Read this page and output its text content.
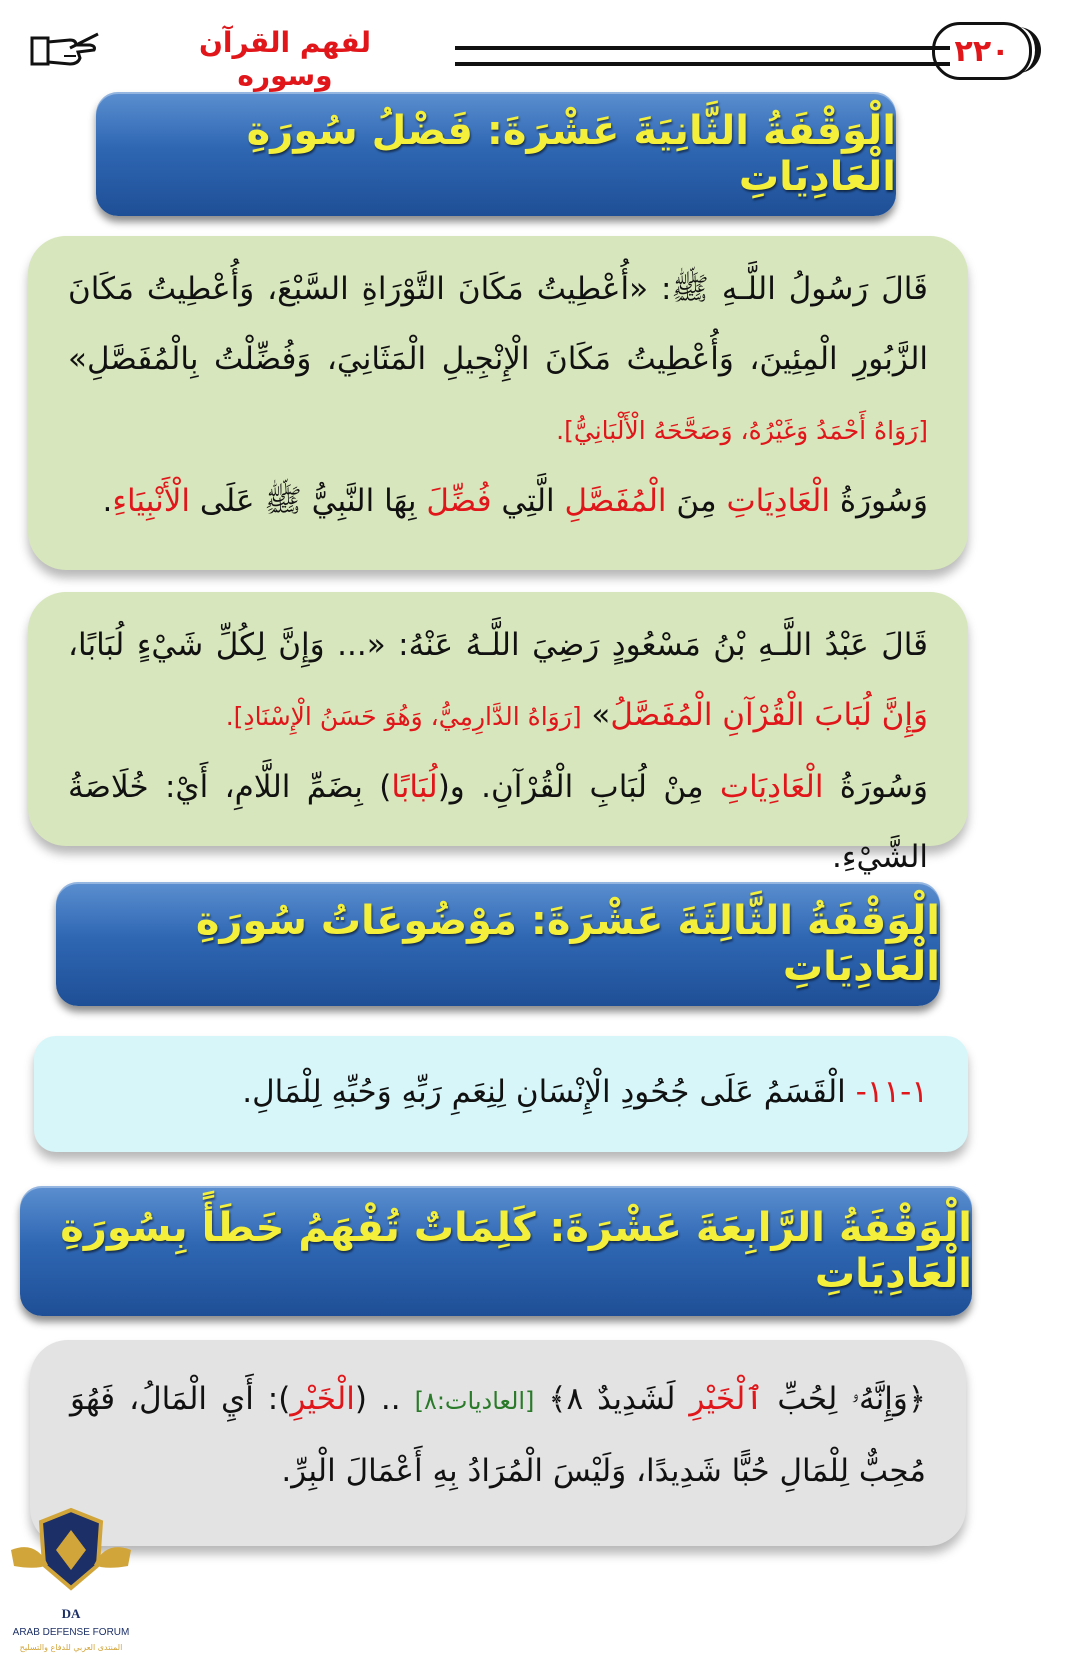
٢٢٠
لفهم القرآن وسوره
الْوَقْفَةُ الثَّانِيَةَ عَشْرَةَ: فَضْلُ سُورَةِ الْعَادِيَاتِ

قَالَ رَسُولُ اللَّـهِ ﷺ: «أُعْطِيتُ مَكَانَ التَّوْرَاةِ السَّبْعَ، وَأُعْطِيتُ مَكَانَ الزَّبُورِ الْمِئِينَ، وَأُعْطِيتُ مَكَانَ الْإِنْجِيلِ الْمَثَانِيَ، وَفُضِّلْتُ بِالْمُفَصَّلِ» [رَوَاهُ أَحْمَدُ وَغَيْرُهُ، وَصَحَّحَهُ الْأَلْبَانِيُّ].

وَسُورَةُ الْعَادِيَاتِ مِنَ الْمُفَصَّلِ الَّتِي فُضِّلَ بِهَا النَّبِيُّ ﷺ عَلَى الْأَنْبِيَاءِ.

قَالَ عَبْدُ اللَّـهِ بْنُ مَسْعُودٍ رَضِيَ اللَّـهُ عَنْهُ: «... وَإِنَّ لِكُلِّ شَيْءٍ لُبَابًا، وَإِنَّ لُبَابَ الْقُرْآنِ الْمُفَصَّلُ» [رَوَاهُ الدَّارِمِيُّ، وَهُوَ حَسَنُ الْإِسْنَادِ].

وَسُورَةُ الْعَادِيَاتِ مِنْ لُبَابِ الْقُرْآنِ. و(لُبَابًا) بِضَمِّ اللَّامِ، أَيْ: خُلَاصَةُ الشَّيْءِ.

الْوَقْفَةُ الثَّالِثَةَ عَشْرَةَ: مَوْضُوعَاتُ سُورَةِ الْعَادِيَاتِ

١-١١- الْقَسَمُ عَلَى جُحُودِ الْإِنْسَانِ لِنِعَمِ رَبِّهِ وَحُبِّهِ لِلْمَالِ.

الْوَقْفَةُ الرَّابِعَةَ عَشْرَةَ: كَلِمَاتٌ تُفْهَمُ خَطَأً بِسُورَةِ الْعَادِيَاتِ

﴿وَإِنَّهُۥ لِحُبِّ ٱلْخَيْرِ لَشَدِيدٌ ٨﴾ [العاديات:٨] .. (الْخَيْرِ): أَيِ الْمَالُ، فَهُوَ مُحِبٌّ لِلْمَالِ حُبًّا شَدِيدًا، وَلَيْسَ الْمُرَادُ بِهِ أَعْمَالَ الْبِرِّ.

DA
ARAB DEFENSE FORUM
المنتدى العربي للدفاع والتسليح
